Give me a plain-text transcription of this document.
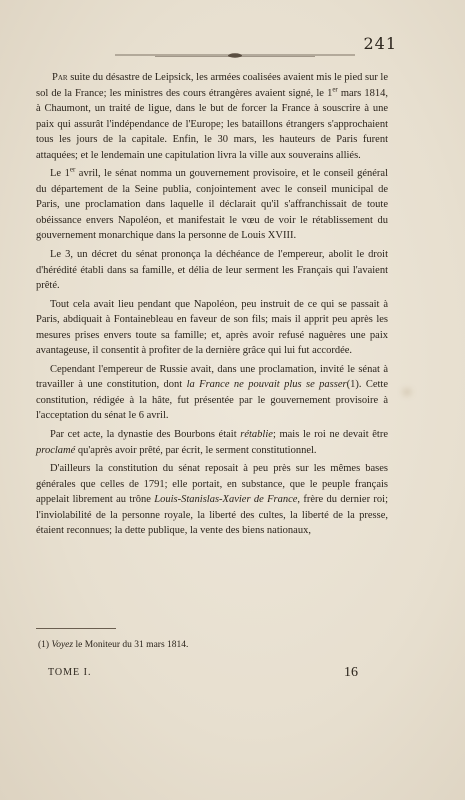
241

Par suite du désastre de Leipsick, les armées coalisées avaient mis le pied sur le sol de la France; les ministres des cours étrangères avaient signé, le 1er mars 1814, à Chaumont, un traité de ligue, dans le but de forcer la France à souscrire à une paix qui assurât l'indépendance de l'Europe; les bataillons étrangers s'approchaient tous les jours de la capitale. Enfin, le 30 mars, les hauteurs de Paris furent attaquées; et le lendemain une capitulation livra la ville aux souverains alliés.

Le 1er avril, le sénat nomma un gouvernement provisoire, et le conseil général du département de la Seine publia, conjointement avec le conseil municipal de Paris, une proclamation dans laquelle il déclarait qu'il s'affranchissait de toute obéissance envers Napoléon, et manifestait le vœu de voir le rétablissement du gouvernement monarchique dans la personne de Louis XVIII.

Le 3, un décret du sénat prononça la déchéance de l'empereur, abolit le droit d'hérédité établi dans sa famille, et délia de leur serment les Français qui l'avaient prêté.

Tout cela avait lieu pendant que Napoléon, peu instruit de ce qui se passait à Paris, abdiquait à Fontainebleau en faveur de son fils; mais il apprit peu après les mesures prises envers toute sa famille; et, après avoir refusé naguères une paix avantageuse, il consentit à profiter de la dernière grâce qui lui fut accordée.

Cependant l'empereur de Russie avait, dans une proclamation, invité le sénat à travailler à une constitution, dont la France ne pouvait plus se passer(1). Cette constitution, rédigée à la hâte, fut présentée par le gouvernement provisoire à l'acceptation du sénat le 6 avril.

Par cet acte, la dynastie des Bourbons était rétablie; mais le roi ne devait être proclamé qu'après avoir prêté, par écrit, le serment constitutionnel.

D'ailleurs la constitution du sénat reposait à peu près sur les mêmes bases générales que celles de 1791; elle portait, en substance, que le peuple français appelait librement au trône Louis-Stanislas-Xavier de France, frère du dernier roi; l'inviolabilité de la personne royale, la liberté des cultes, la liberté de la presse, étaient reconnues; la dette publique, la vente des biens nationaux,

(1) Voyez le Moniteur du 31 mars 1814.
TOME I.	16
